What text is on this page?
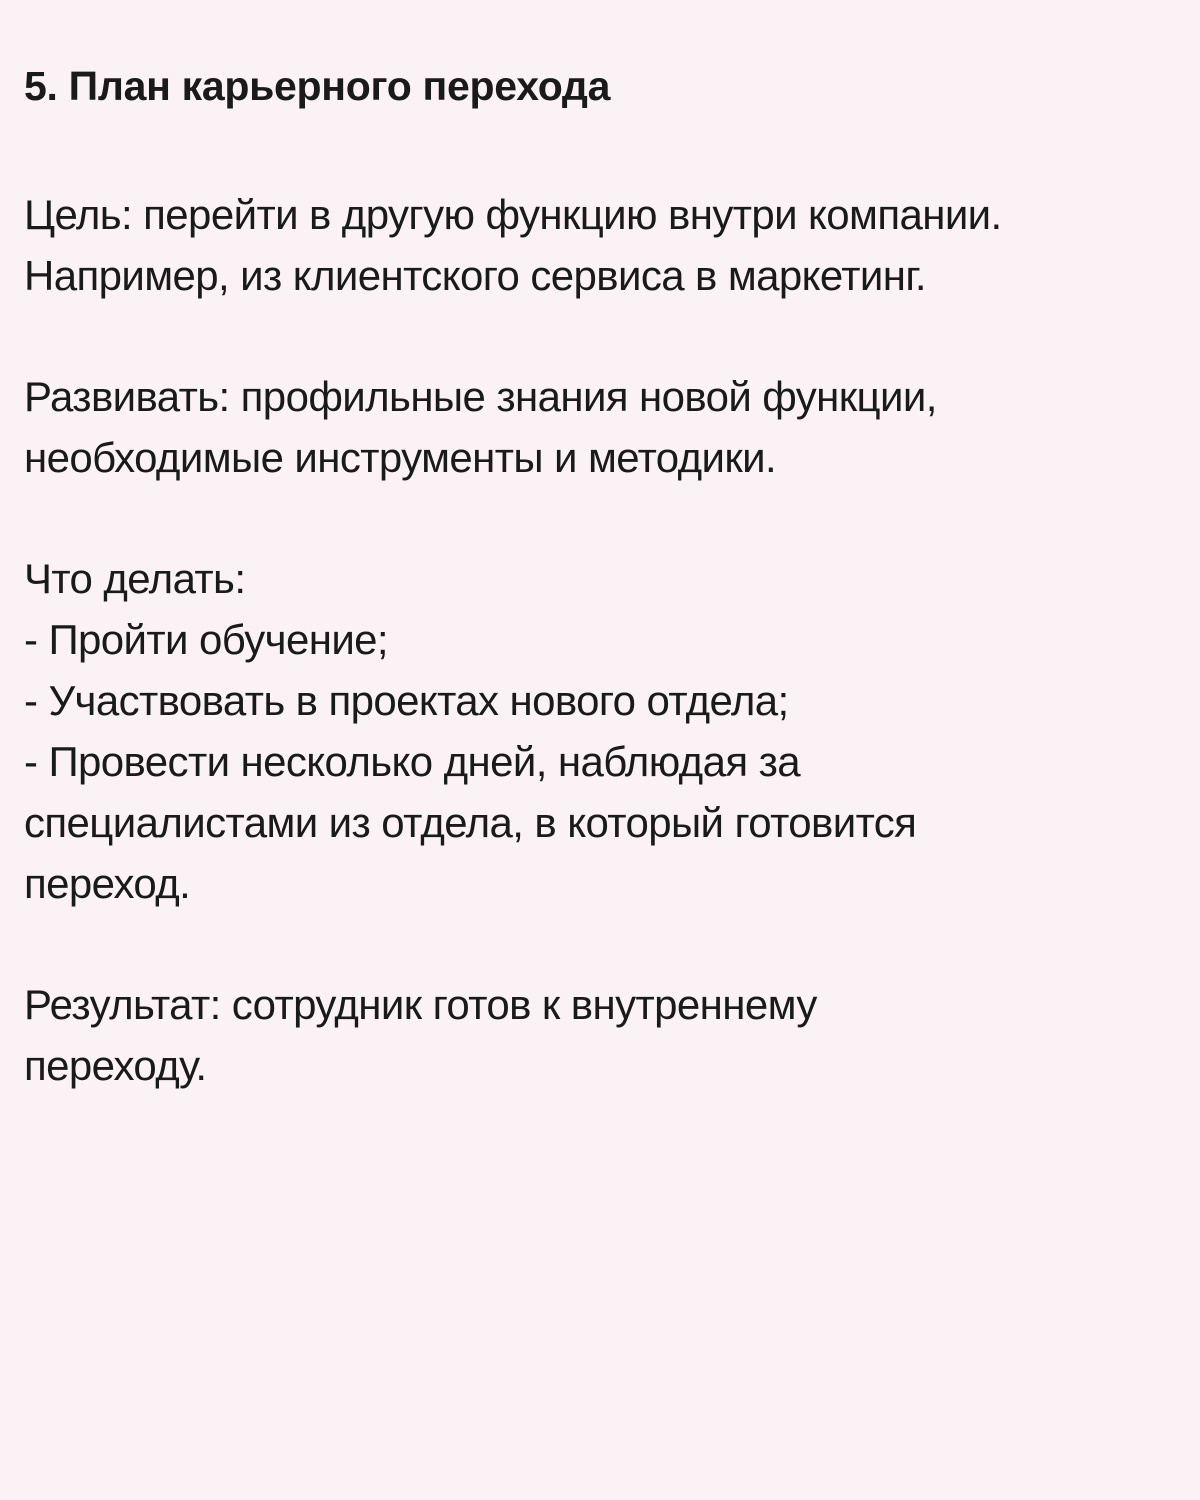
5. План карьерного перехода

Цель: перейти в другую функцию внутри компании.
Например, из клиентского сервиса в маркетинг.

Развивать: профильные знания новой функции,
необходимые инструменты и методики.

Что делать:
- Пройти обучение;
- Участвовать в проектах нового отдела;
- Провести несколько дней, наблюдая за
специалистами из отдела, в который готовится
переход.

Результат: сотрудник готов к внутреннему
переходу.
